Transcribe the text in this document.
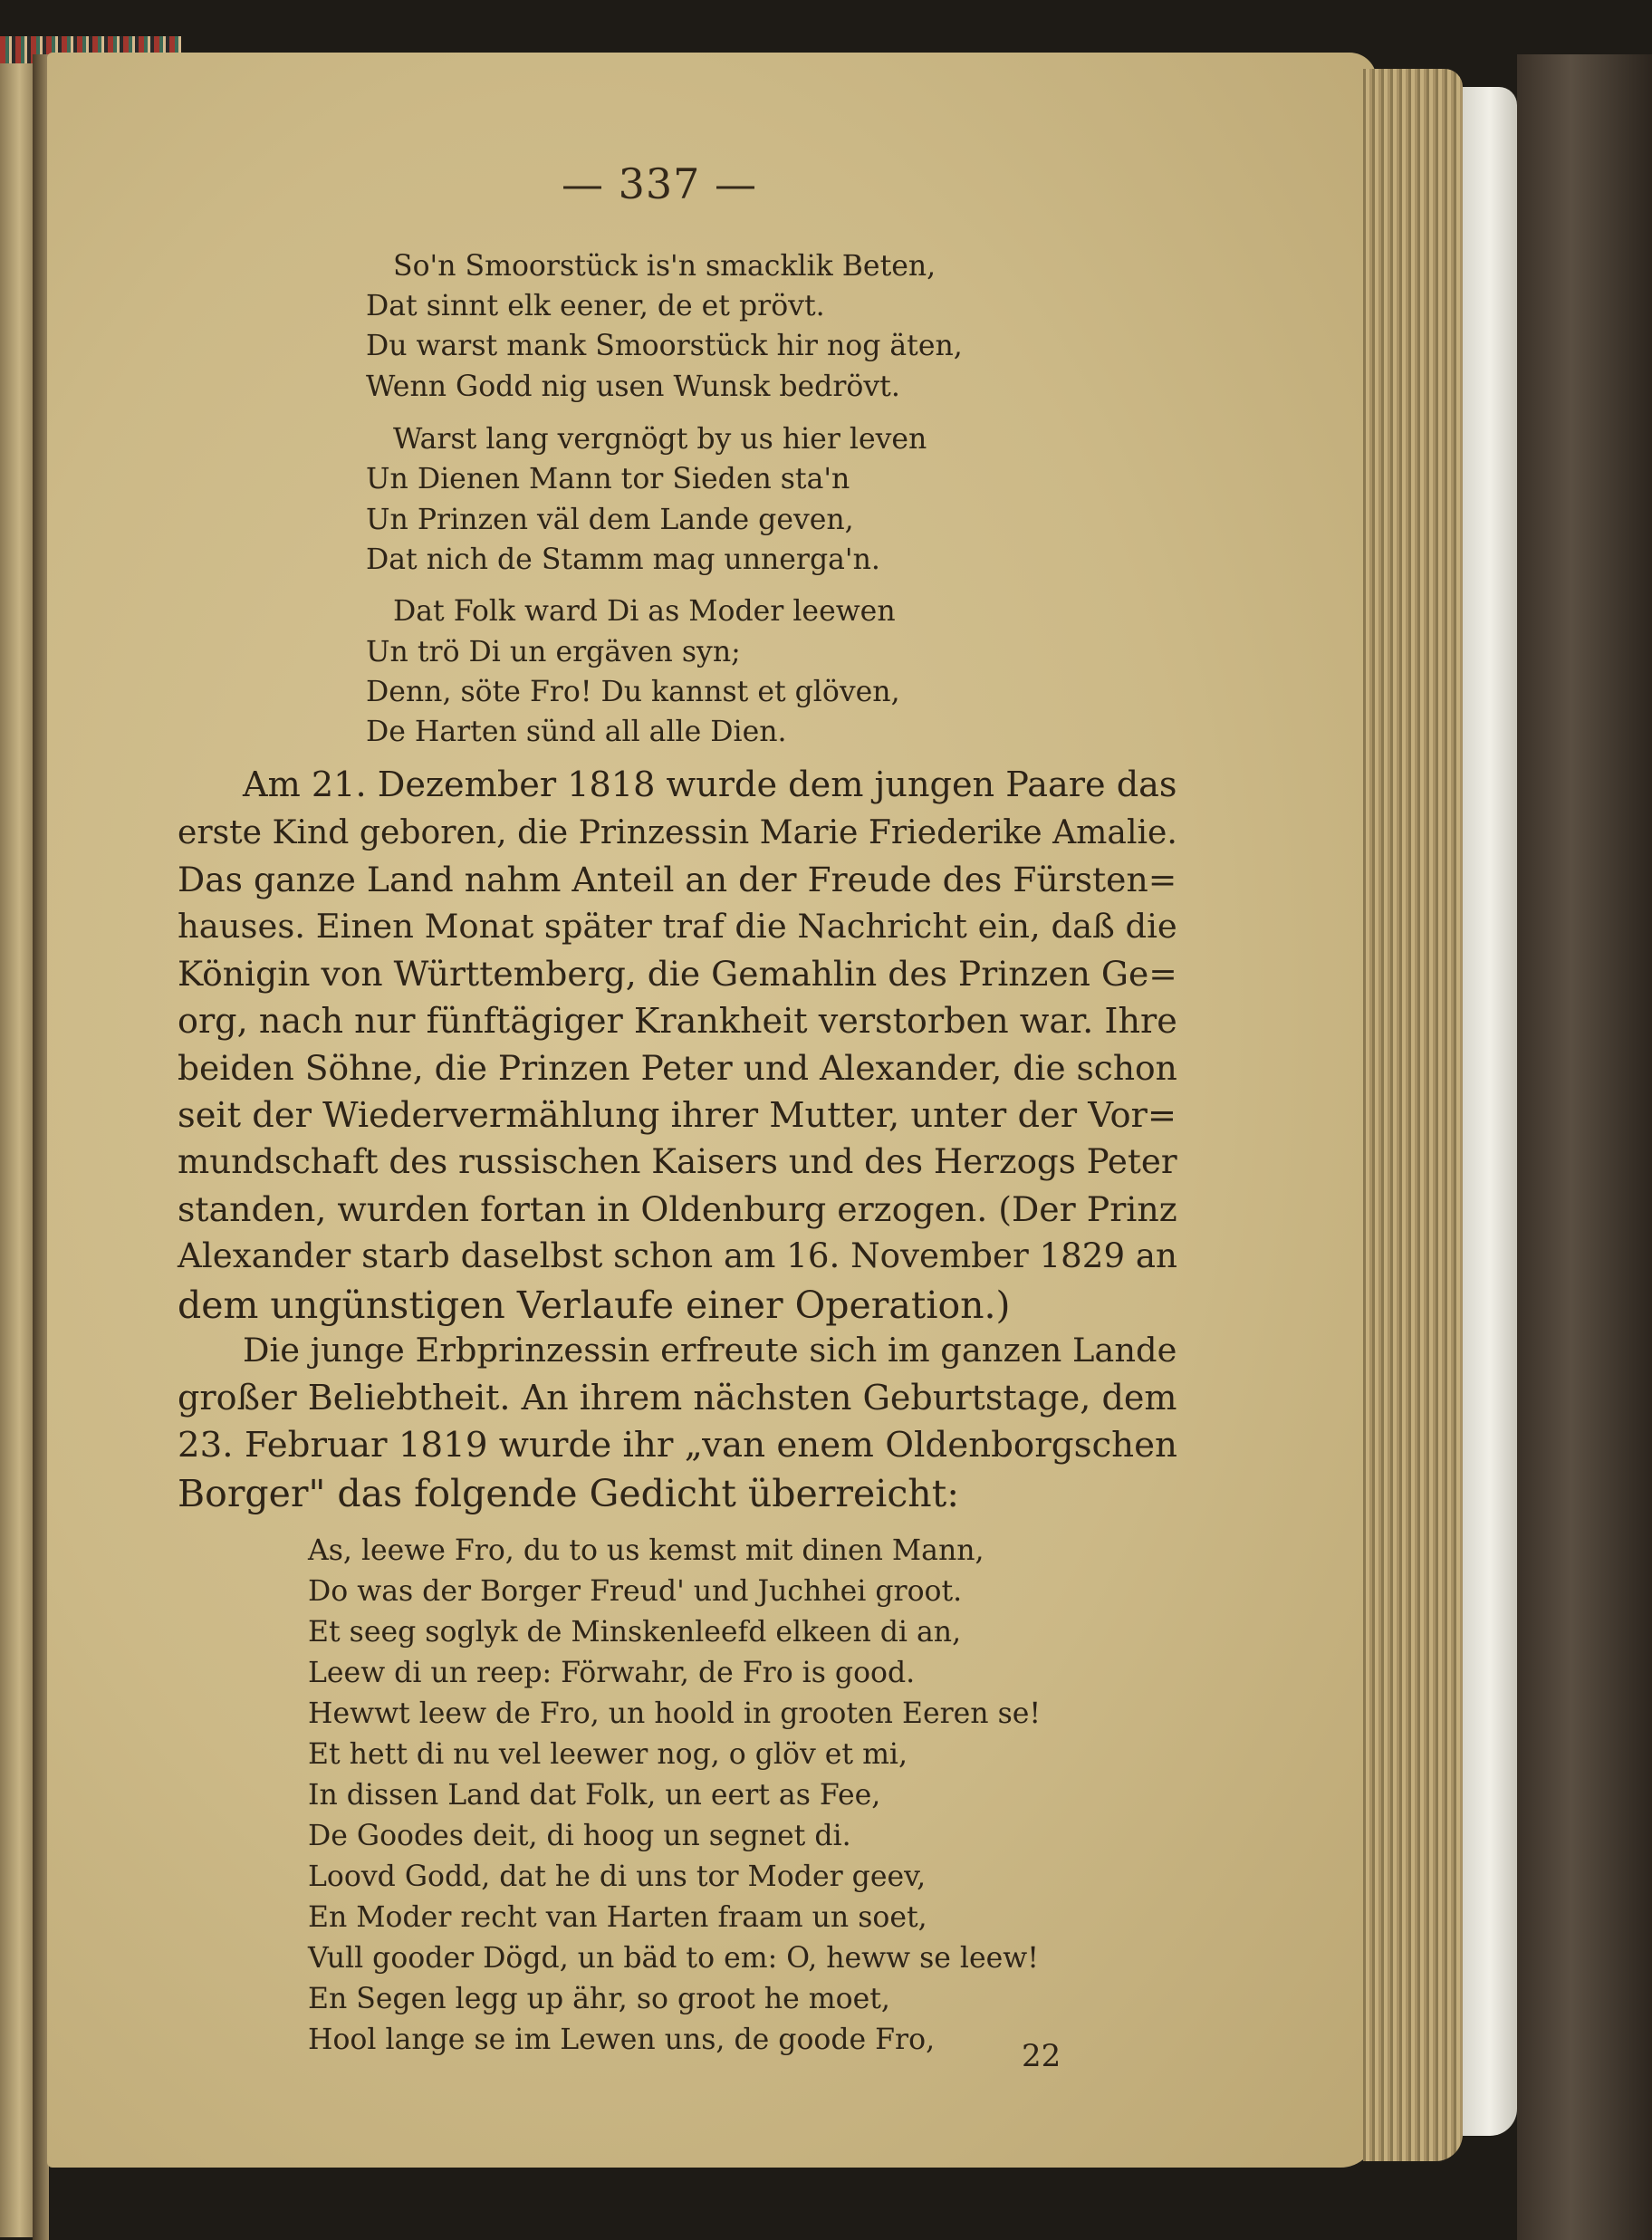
— 337 —
So'n Smoorstück is'n smacklik Beten,
Dat sinnt elk eener, de et prövt.
Du warst mank Smoorstück hir nog äten,
Wenn Godd nig usen Wunsk bedrövt.
Warst lang vergnögt by us hier leven
Un Dienen Mann tor Sieden sta'n
Un Prinzen väl dem Lande geven,
Dat nich de Stamm mag unnerga'n.
Dat Folk ward Di as Moder leewen
Un trö Di un ergäven syn;
Denn, söte Fro! Du kannst et glöven,
De Harten sünd all alle Dien.
Am 21. Dezember 1818 wurde dem jungen Paare das
erste Kind geboren, die Prinzessin Marie Friederike Amalie.
Das ganze Land nahm Anteil an der Freude des Fürsten=
hauses. Einen Monat später traf die Nachricht ein, daß die
Königin von Württemberg, die Gemahlin des Prinzen Ge=
org, nach nur fünftägiger Krankheit verstorben war. Ihre
beiden Söhne, die Prinzen Peter und Alexander, die schon
seit der Wiedervermählung ihrer Mutter, unter der Vor=
mundschaft des russischen Kaisers und des Herzogs Peter
standen, wurden fortan in Oldenburg erzogen. (Der Prinz
Alexander starb daselbst schon am 16. November 1829 an
dem ungünstigen Verlaufe einer Operation.)
Die junge Erbprinzessin erfreute sich im ganzen Lande
großer Beliebtheit. An ihrem nächsten Geburtstage, dem
23. Februar 1819 wurde ihr „van enem Oldenborgschen
Borger" das folgende Gedicht überreicht:
As, leewe Fro, du to us kemst mit dinen Mann,
Do was der Borger Freud' und Juchhei groot.
Et seeg soglyk de Minskenleefd elkeen di an,
Leew di un reep: Förwahr, de Fro is good.
Hewwt leew de Fro, un hoold in grooten Eeren se!
Et hett di nu vel leewer nog, o glöv et mi,
In dissen Land dat Folk, un eert as Fee,
De Goodes deit, di hoog un segnet di.
Loovd Godd, dat he di uns tor Moder geev,
En Moder recht van Harten fraam un soet,
Vull gooder Dögd, un bäd to em: O, heww se leew!
En Segen legg up ähr, so groot he moet,
Hool lange se im Lewen uns, de goode Fro,	22
